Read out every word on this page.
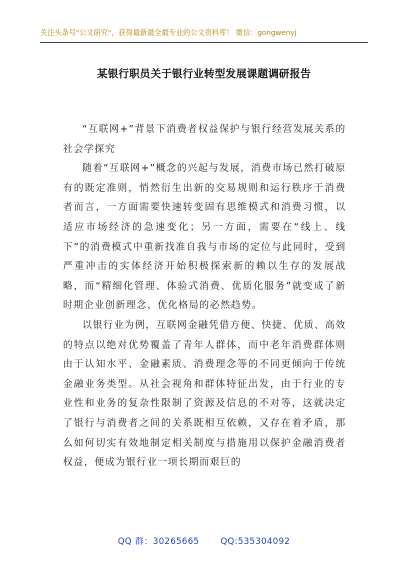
关注头条号"公文研究"，获得最新最全最专业的公文资料库！ 微信：gongwenyj
某银行职员关于银行业转型发展课题调研报告

“互联网+”背景下消费者权益保护与银行经营发展关系的社会学探究

随着“互联网+”概念的兴起与发展，消费市场已然打破原有的既定准则，悄然衍生出新的交易规则和运行秩序于消费者而言，一方面需要快速转变固有思维模式和消费习惯，以适应市场经济的急速变化；另一方面，需要在“线上、线下”的消费模式中重新找准自我与市场的定位与此同时，受到严重冲击的实体经济开始积极探索新的赖以生存的发展战略，而“精细化管理、体验式消费、优质化服务”就变成了新时期企业创新理念、优化格局的必然趋势。

以银行业为例，互联网金融凭借方便、快捷、优质、高效的特点以绝对优势覆盖了青年人群体，而中老年消费群体则由于认知水平、金融素质、消费理念等的不同更倾向于传统金融业务类型。从社会视角和群体特征出发，由于行业的专业性和业务的复杂性限制了资源及信息的不对等，这就决定了银行与消费者之间的关系既相互依赖，又存在着矛盾，那么如何切实有效地制定相关制度与措施用以保护金融消费者权益，便成为银行业一项长期而艰巨的

QQ 群：30265665 QQ:535304092
